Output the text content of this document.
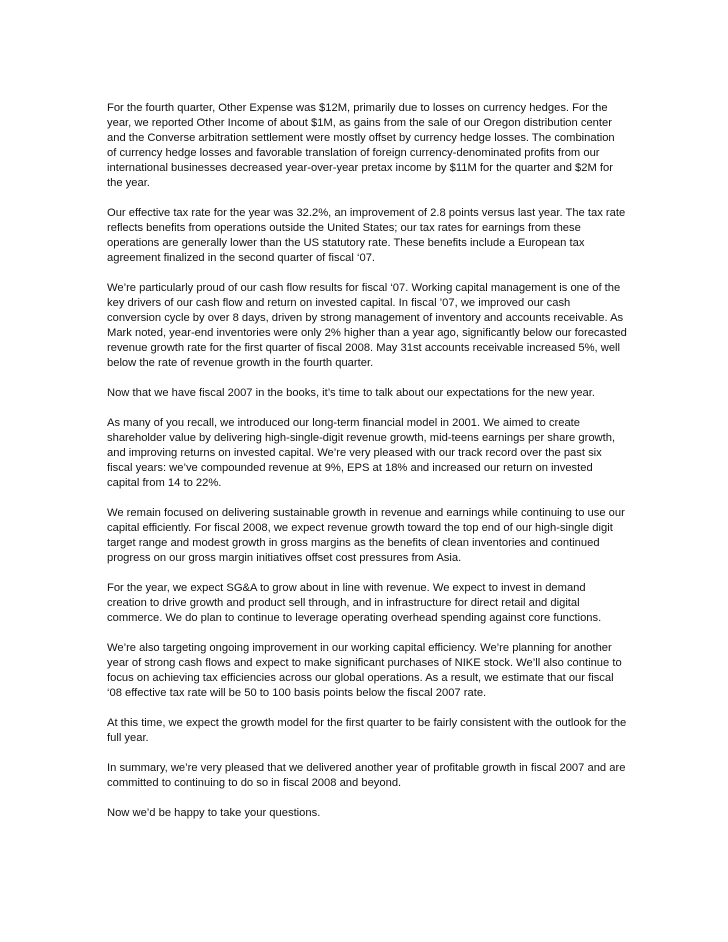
For the fourth quarter, Other Expense was $12M, primarily due to losses on currency hedges. For the year, we reported Other Income of about $1M, as gains from the sale of our Oregon distribution center and the Converse arbitration settlement were mostly offset by currency hedge losses. The combination of currency hedge losses and favorable translation of foreign currency-denominated profits from our international businesses decreased year-over-year pretax income by $11M for the quarter and $2M for the year.

Our effective tax rate for the year was 32.2%, an improvement of 2.8 points versus last year. The tax rate reflects benefits from operations outside the United States; our tax rates for earnings from these operations are generally lower than the US statutory rate. These benefits include a European tax agreement finalized in the second quarter of fiscal ‘07.

We’re particularly proud of our cash flow results for fiscal ‘07. Working capital management is one of the key drivers of our cash flow and return on invested capital. In fiscal ’07, we improved our cash conversion cycle by over 8 days, driven by strong management of inventory and accounts receivable. As Mark noted, year-end inventories were only 2% higher than a year ago, significantly below our forecasted revenue growth rate for the first quarter of fiscal 2008. May 31st accounts receivable increased 5%, well below the rate of revenue growth in the fourth quarter.

Now that we have fiscal 2007 in the books, it’s time to talk about our expectations for the new year.

As many of you recall, we introduced our long-term financial model in 2001. We aimed to create shareholder value by delivering high-single-digit revenue growth, mid-teens earnings per share growth, and improving returns on invested capital. We’re very pleased with our track record over the past six fiscal years: we’ve compounded revenue at 9%, EPS at 18% and increased our return on invested capital from 14 to 22%.

We remain focused on delivering sustainable growth in revenue and earnings while continuing to use our capital efficiently. For fiscal 2008, we expect revenue growth toward the top end of our high-single digit target range and modest growth in gross margins as the benefits of clean inventories and continued progress on our gross margin initiatives offset cost pressures from Asia.

For the year, we expect SG&A to grow about in line with revenue. We expect to invest in demand creation to drive growth and product sell through, and in infrastructure for direct retail and digital commerce. We do plan to continue to leverage operating overhead spending against core functions.

We’re also targeting ongoing improvement in our working capital efficiency. We’re planning for another year of strong cash flows and expect to make significant purchases of NIKE stock. We’ll also continue to focus on achieving tax efficiencies across our global operations. As a result, we estimate that our fiscal ‘08 effective tax rate will be 50 to 100 basis points below the fiscal 2007 rate.

At this time, we expect the growth model for the first quarter to be fairly consistent with the outlook for the full year.

In summary, we’re very pleased that we delivered another year of profitable growth in fiscal 2007 and are committed to continuing to do so in fiscal 2008 and beyond.

Now we’d be happy to take your questions.
